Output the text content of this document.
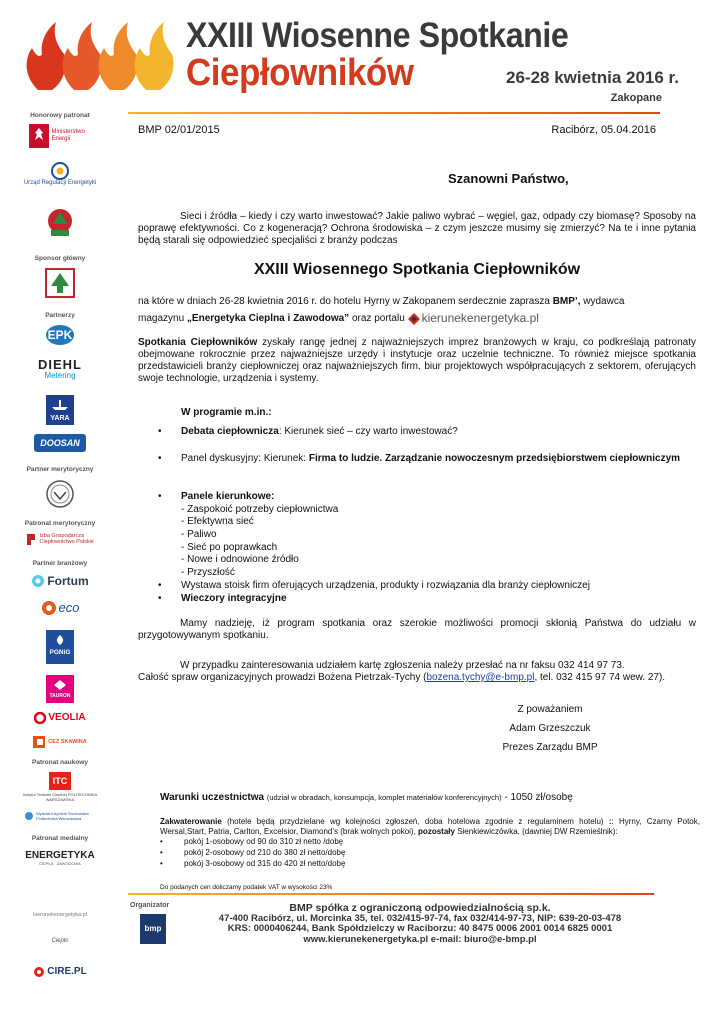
XXIII Wiosenne Spotkanie
Ciepłowników	26-28 kwietnia 2016 r.
Zakopane
Honorowy patronat
Ministerstwo Energii
Urząd Regulacji Energetyki
Sponsor główny
Partnerzy
EPK
DIEHL
Metering
YARA
DOOSAN
Partner merytoryczny
Patronat merytoryczny
Izba Gospodarcza Ciepłownictwo Polskie
Partner branżowy
Fortum
eco
PGNiG
TAURON
VEOLIA
CEZ SKAWINA
Patronat naukowy
ITC
Instytut Techniki Cieplnej POLITECHNIKA WARSZAWSKA
Wydział Inżynierii Środowiska Politechnika Warszawska
Patronat medialny
ENERGETYKA
CIEPŁA · ZAWODOWA
kierunekenergetyka.pl
Ciepło
CIRE.PL
BMP 02/01/2015	Racibórz, 05.04.2016
Szanowni Państwo,
Sieci i źródła – kiedy i czy warto inwestować? Jakie paliwo wybrać – węgiel, gaz, odpady czy biomasę? Sposoby na poprawę efektywności. Co z kogeneracją? Ochrona środowiska – z czym jeszcze musimy się zmierzyć? Na te i inne pytania będą starali się odpowiedzieć specjaliści z branży podczas
XXIII Wiosennego Spotkania Ciepłowników
na które w dniach 26-28 kwietnia 2016 r. do hotelu Hyrny w Zakopanem serdecznie zaprasza BMP’, wydawca
magazynu „Energetyka Cieplna i Zawodowa” oraz portalu kierunekenergetyka.pl
Spotkania Ciepłowników zyskały rangę jednej z najważniejszych imprez branżowych w kraju, co podkreślają patronaty obejmowane rokrocznie przez najważniejsze urzędy i instytucje oraz uczelnie techniczne. To również miejsce spotkania przedstawicieli branży ciepłowniczej oraz najważniejszych firm, biur projektowych współpracujących z sektorem, oferujących swoje technologie, urządzenia i systemy.
W programie m.in.:
• Debata ciepłownicza: Kierunek sieć – czy warto inwestować?
• Panel dyskusyjny: Kierunek: Firma to ludzie. Zarządzanie nowoczesnym przedsiębiorstwem ciepłowniczym
• Panele kierunkowe:
- Zaspokoić potrzeby ciepłownictwa
- Efektywna sieć
- Paliwo
- Sieć po poprawkach
- Nowe i odnowione źródło
- Przyszłość
• Wystawa stoisk firm oferujących urządzenia, produkty i rozwiązania dla branży ciepłowniczej
• Wieczory integracyjne
Mamy nadzieję, iż program spotkania oraz szerokie możliwości promocji skłonią Państwa do udziału w przygotowywanym spotkaniu.
W przypadku zainteresowania udziałem kartę zgłoszenia należy przesłać na nr faksu 032 414 97 73.
Całość spraw organizacyjnych prowadzi Bożena Pietrzak-Tychy (bozena.tychy@e-bmp.pl, tel. 032 415 97 74 wew. 27).
Z poważaniem
Adam Grzeszczuk
Prezes Zarządu BMP
Warunki uczestnictwa (udział w obradach, konsumpcja, komplet materiałów konferencyjnych) - 1050 zł/osobę
Zakwaterowanie (hotele będą przydzielane wg kolejności zgłoszeń, doba hotelowa zgodnie z regulaminem hotelu) :: Hyrny, Czarny Potok, Wersal,Start, Patria, Carlton, Excelsior, Diamond’s (brak wolnych pokoi), pozostały Sienkiewiczówka, (dawniej DW Rzemieślnik):
•	pokój 1-osobowy od 90 do 310 zł netto /dobę
•	pokój 2-osobowy od 210 do 380 zł netto/dobę
•	pokój 3-osobowy od 315 do 420 zł netto/dobę
Do podanych cen doliczamy podatek VAT w wysokości 23%
Organizator
bmp
BMP spółka z ograniczoną odpowiedzialnością sp.k.
47-400 Racibórz, ul. Morcinka 35, tel. 032/415-97-74, fax 032/414-97-73, NIP: 639-20-03-478
KRS: 0000406244, Bank Spółdzielczy w Raciborzu: 40 8475 0006 2001 0014 6825 0001
www.kierunekenergetyka.pl e-mail: biuro@e-bmp.pl
